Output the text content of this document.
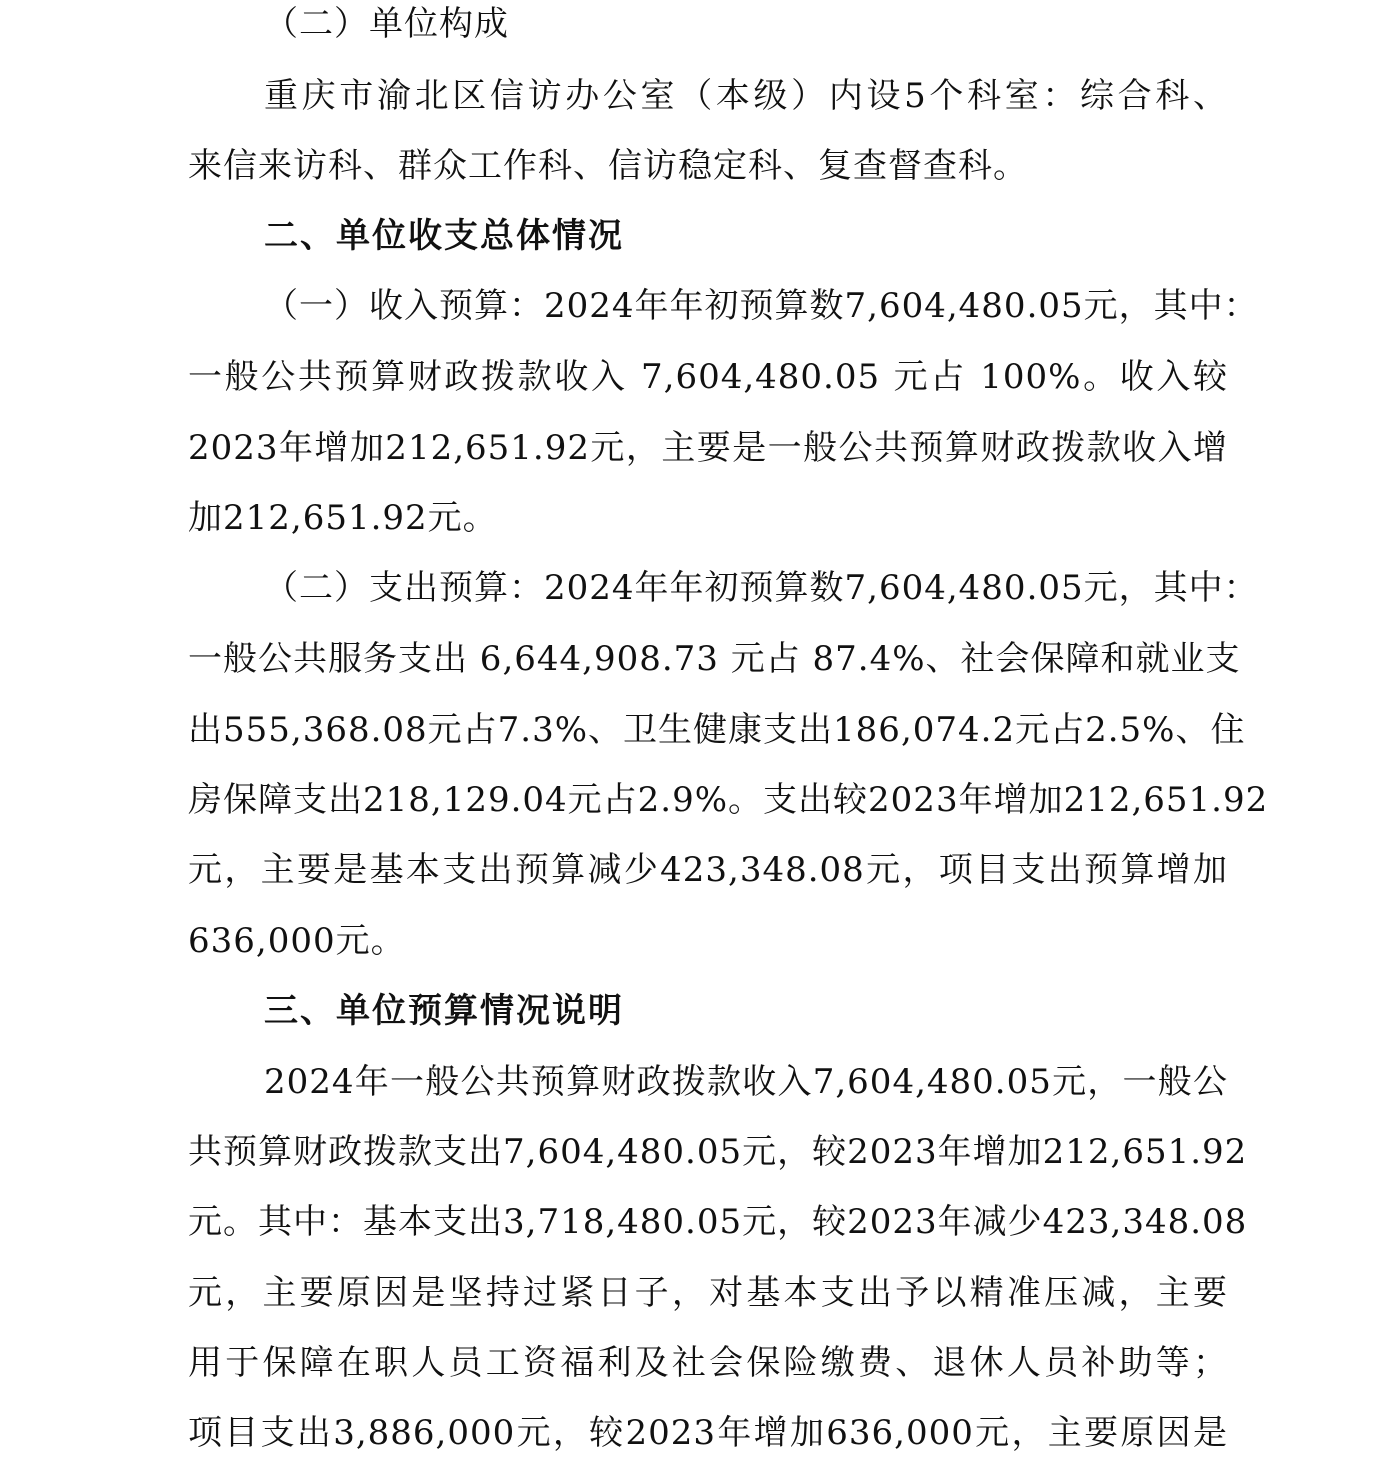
（二）单位构成
重庆市渝北区信访办公室（本级）内设5个科室：综合科、
来信来访科、群众工作科、信访稳定科、复查督查科。
二、单位收支总体情况
（一）收入预算：2024年年初预算数7,604,480.05元，其中：
一般公共预算财政拨款收入 7,604,480.05 元占 100%。收入较
2023年增加212,651.92元，主要是一般公共预算财政拨款收入增
加212,651.92元。
（二）支出预算：2024年年初预算数7,604,480.05元，其中：
一般公共服务支出 6,644,908.73 元占 87.4%、社会保障和就业支
出555,368.08元占7.3%、卫生健康支出186,074.2元占2.5%、住
房保障支出218,129.04元占2.9%。支出较2023年增加212,651.92
元，主要是基本支出预算减少423,348.08元，项目支出预算增加
636,000元。
三、单位预算情况说明
2024年一般公共预算财政拨款收入7,604,480.05元，一般公
共预算财政拨款支出7,604,480.05元，较2023年增加212,651.92
元。其中：基本支出3,718,480.05元，较2023年减少423,348.08
元，主要原因是坚持过紧日子，对基本支出予以精准压减，主要
用于保障在职人员工资福利及社会保险缴费、退休人员补助等；
项目支出3,886,000元，较2023年增加636,000元，主要原因是
